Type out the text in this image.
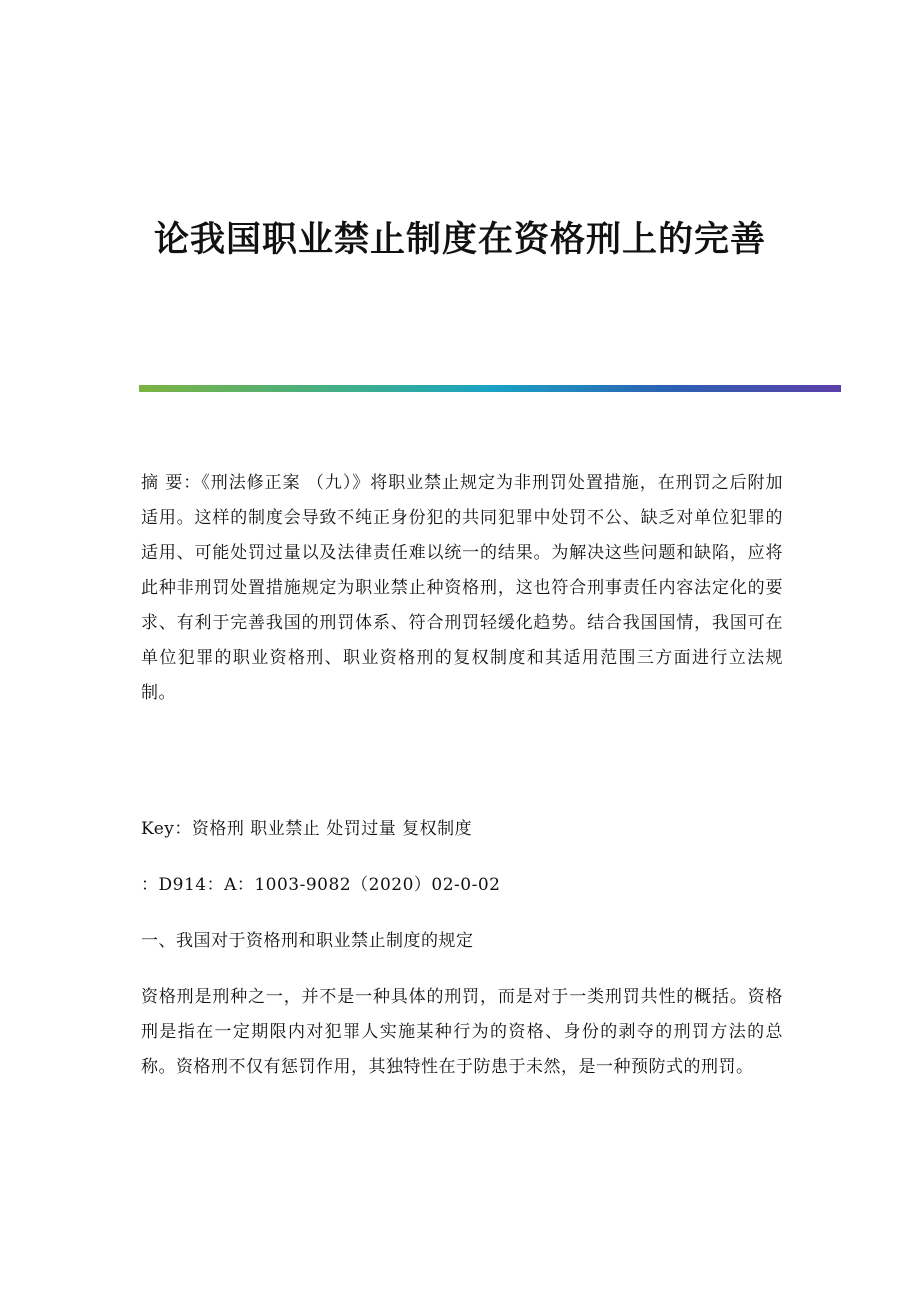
论我国职业禁止制度在资格刑上的完善

摘 要：《刑法修正案 （九）》将职业禁止规定为非刑罚处置措施，在刑罚之后附加适用。这样的制度会导致不纯正身份犯的共同犯罪中处罚不公、缺乏对单位犯罪的适用、可能处罚过量以及法律责任难以统一的结果。为解决这些问题和缺陷，应将此种非刑罚处置措施规定为职业禁止种资格刑，这也符合刑事责任内容法定化的要求、有利于完善我国的刑罚体系、符合刑罚轻缓化趋势。结合我国国情，我国可在单位犯罪的职业资格刑、职业资格刑的复权制度和其适用范围三方面进行立法规制。

Key：资格刑 职业禁止 处罚过量 复权制度

：D914：A：1003-9082（2020）02-0-02

一、我国对于资格刑和职业禁止制度的规定

资格刑是刑种之一，并不是一种具体的刑罚，而是对于一类刑罚共性的概括。资格刑是指在一定期限内对犯罪人实施某种行为的资格、身份的剥夺的刑罚方法的总称。资格刑不仅有惩罚作用，其独特性在于防患于未然，是一种预防式的刑罚。
